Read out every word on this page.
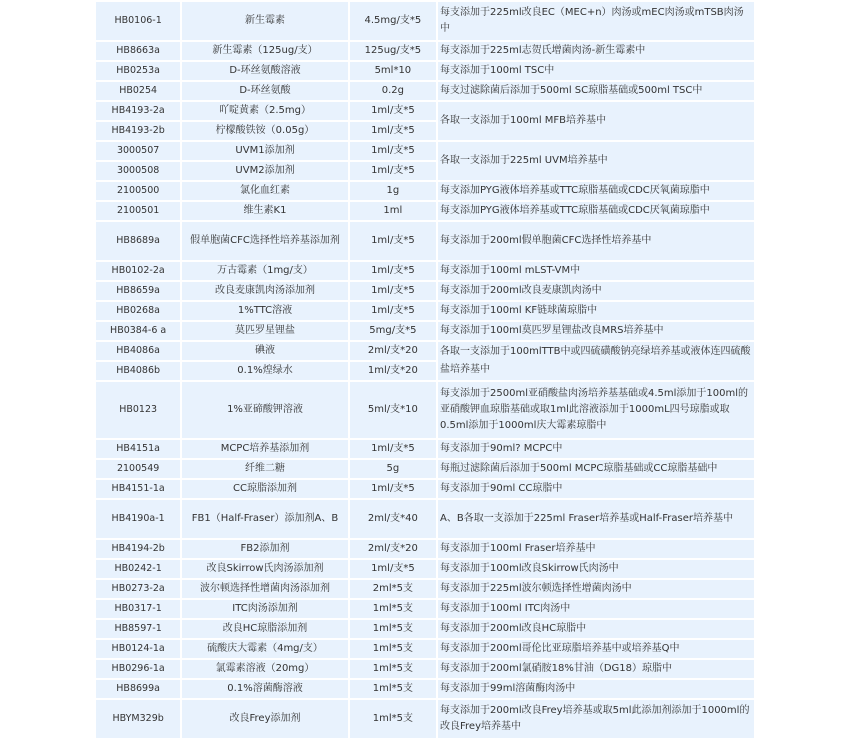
HB0106-1	新生霉素	4.5mg/支*5	每支添加于225ml改良EC（MEC+n）肉汤或mEC肉汤或mTSB肉汤中
HB8663a	新生霉素（125ug/支）	125ug/支*5	每支添加于225ml志贺氏增菌肉汤-新生霉素中
HB0253a	D-环丝氨酸溶液	5ml*10	每支添加于100ml TSC中
HB0254	D-环丝氨酸	0.2g	每支过滤除菌后添加于500ml SC琼脂基础或500ml TSC中
HB4193-2a	吖啶黄素（2.5mg）	1ml/支*5	各取一支添加于100ml MFB培养基中
HB4193-2b	柠檬酸铁铵（0.05g）	1ml/支*5	
3000507	UVM1添加剂	1ml/支*5	各取一支添加于225ml UVM培养基中
3000508	UVM2添加剂	1ml/支*5	
2100500	氯化血红素	1g	每支添加PYG液体培养基或TTC琼脂基础或CDC厌氧菌琼脂中
2100501	维生素K1	1ml	每支添加PYG液体培养基或TTC琼脂基础或CDC厌氧菌琼脂中
HB8689a	假单胞菌CFC选择性培养基添加剂	1ml/支*5	每支添加于200ml假单胞菌CFC选择性培养基中
HB0102-2a	万古霉素（1mg/支）	1ml/支*5	每支添加于100ml mLST-VM中
HB8659a	改良麦康凯肉汤添加剂	1ml/支*5	每支添加于200ml改良麦康凯肉汤中
HB0268a	1%TTC溶液	1ml/支*5	每支添加于100ml KF链球菌琼脂中
HB0384-6 a	莫匹罗星锂盐	5mg/支*5	每支添加于100ml莫匹罗星锂盐改良MRS培养基中
HB4086a	碘液	2ml/支*20	各取一支添加于100mlTTB中或四硫磺酸钠亮绿培养基或液体连四硫酸盐培养基中
HB4086b	0.1%煌绿水	1ml/支*20	
HB0123	1%亚碲酸钾溶液	5ml/支*10	每支添加于2500ml亚硝酸盐肉汤培养基基础或4.5ml添加于100ml的亚硝酸钾血琼脂基础或取1ml此溶液添加于1000mL四号琼脂或取0.5ml添加于1000ml庆大霉素琼脂中
HB4151a	MCPC培养基添加剂	1ml/支*5	每支添加于90ml? MCPC中
2100549	纤维二糖	5g	每瓶过滤除菌后添加于500ml MCPC琼脂基础或CC琼脂基础中
HB4151-1a	CC琼脂添加剂	1ml/支*5	每支添加于90ml CC琼脂中
HB4190a-1	FB1（Half-Fraser）添加剂A、B	2ml/支*40	A、B各取一支添加于225ml Fraser培养基或Half-Fraser培养基中
HB4194-2b	FB2添加剂	2ml/支*20	每支添加于100ml Fraser培养基中
HB0242-1	改良Skirrow氏肉汤添加剂	1ml/支*5	每支添加于100ml改良Skirrow氏肉汤中
HB0273-2a	波尔顿选择性增菌肉汤添加剂	2ml*5支	每支添加于225ml波尔顿选择性增菌肉汤中
HB0317-1	ITC肉汤添加剂	1ml*5支	每支添加于100ml ITC肉汤中
HB8597-1	改良HC琼脂添加剂	1ml*5支	每支添加于200ml改良HC琼脂中
HB0124-1a	硫酸庆大霉素（4mg/支）	1ml*5支	每支添加于200ml哥伦比亚琼脂培养基中或培养基Q中
HB0296-1a	氯霉素溶液（20mg）	1ml*5支	每支添加于200ml氯硝胺18%甘油（DG18）琼脂中
HB8699a	0.1%溶菌酶溶液	1ml*5支	每支添加于99ml溶菌酶肉汤中
HBYM329b	改良Frey添加剂	1ml*5支	每支添加于200ml改良Frey培养基或取5ml此添加剂添加于1000ml的改良Frey培养基中
